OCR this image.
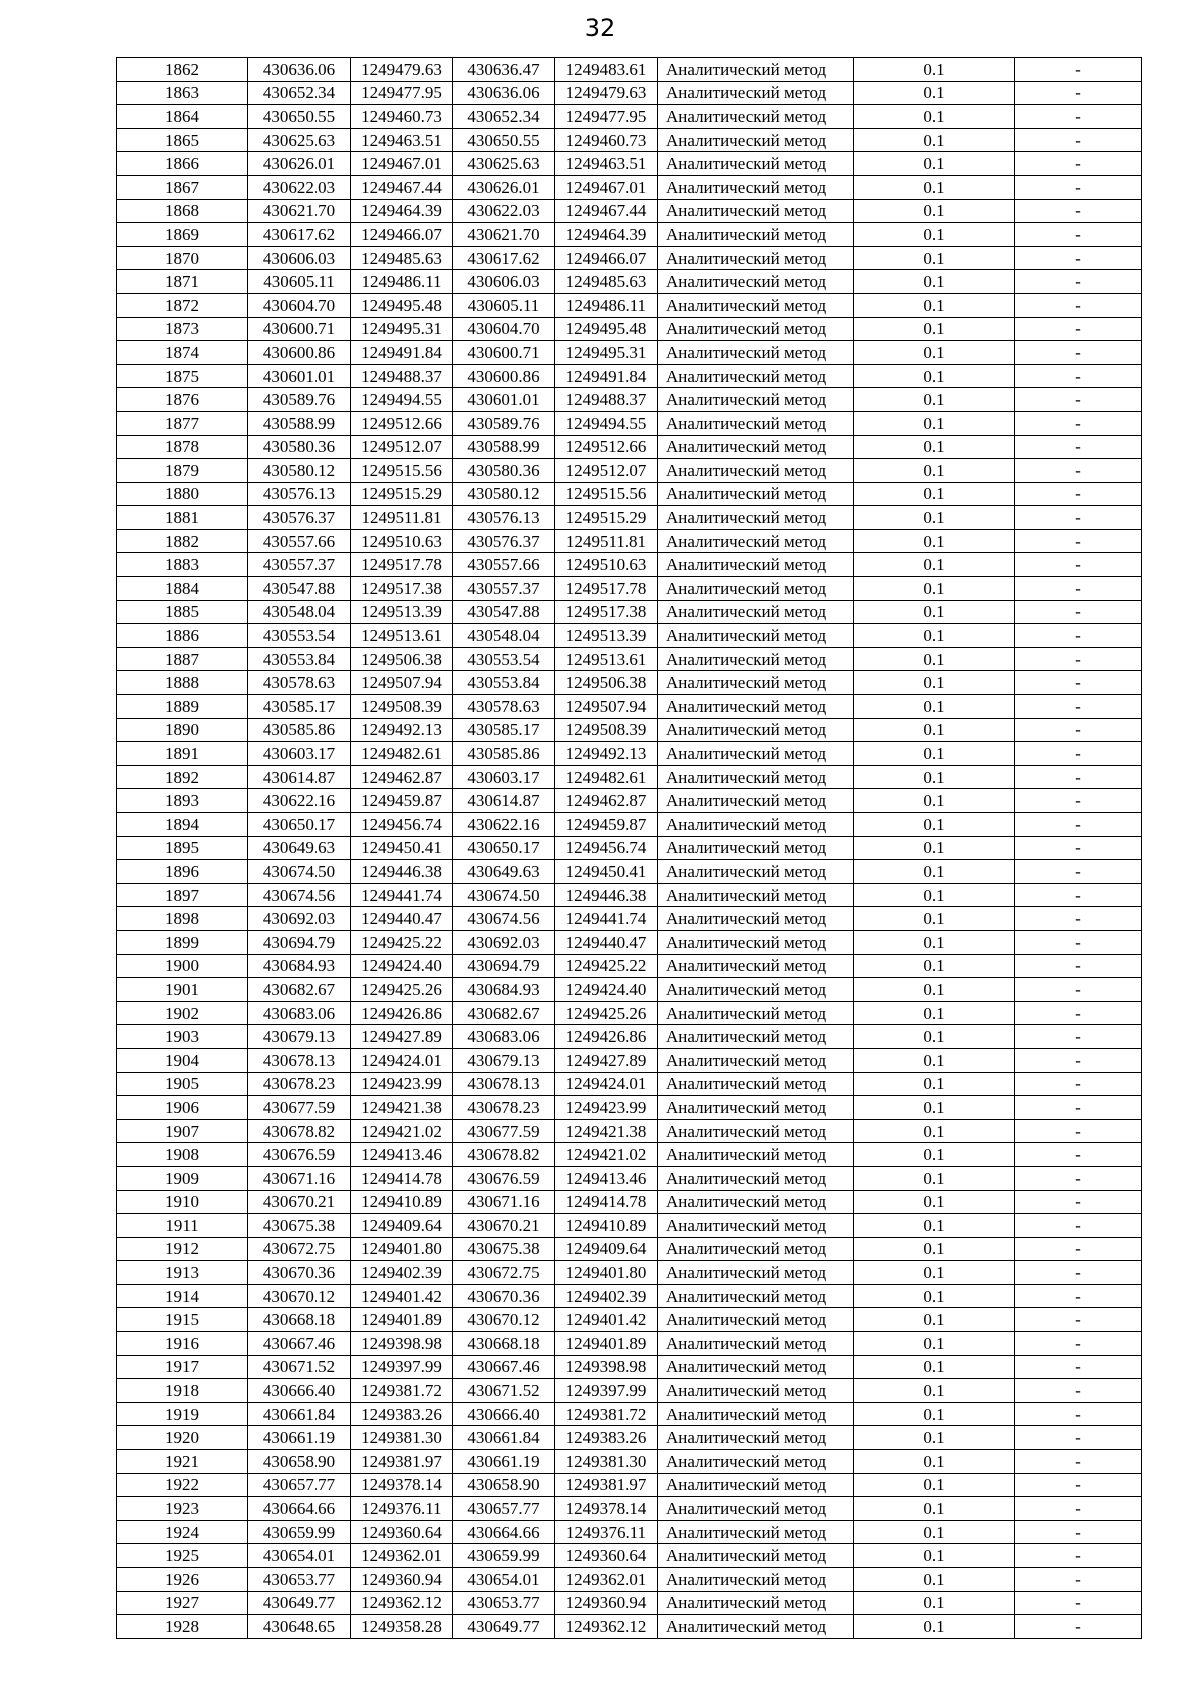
32
1862	430636.06	1249479.63	430636.47	1249483.61	Аналитический метод	0.1	-
1863	430652.34	1249477.95	430636.06	1249479.63	Аналитический метод	0.1	-
1864	430650.55	1249460.73	430652.34	1249477.95	Аналитический метод	0.1	-
1865	430625.63	1249463.51	430650.55	1249460.73	Аналитический метод	0.1	-
1866	430626.01	1249467.01	430625.63	1249463.51	Аналитический метод	0.1	-
1867	430622.03	1249467.44	430626.01	1249467.01	Аналитический метод	0.1	-
1868	430621.70	1249464.39	430622.03	1249467.44	Аналитический метод	0.1	-
1869	430617.62	1249466.07	430621.70	1249464.39	Аналитический метод	0.1	-
1870	430606.03	1249485.63	430617.62	1249466.07	Аналитический метод	0.1	-
1871	430605.11	1249486.11	430606.03	1249485.63	Аналитический метод	0.1	-
1872	430604.70	1249495.48	430605.11	1249486.11	Аналитический метод	0.1	-
1873	430600.71	1249495.31	430604.70	1249495.48	Аналитический метод	0.1	-
1874	430600.86	1249491.84	430600.71	1249495.31	Аналитический метод	0.1	-
1875	430601.01	1249488.37	430600.86	1249491.84	Аналитический метод	0.1	-
1876	430589.76	1249494.55	430601.01	1249488.37	Аналитический метод	0.1	-
1877	430588.99	1249512.66	430589.76	1249494.55	Аналитический метод	0.1	-
1878	430580.36	1249512.07	430588.99	1249512.66	Аналитический метод	0.1	-
1879	430580.12	1249515.56	430580.36	1249512.07	Аналитический метод	0.1	-
1880	430576.13	1249515.29	430580.12	1249515.56	Аналитический метод	0.1	-
1881	430576.37	1249511.81	430576.13	1249515.29	Аналитический метод	0.1	-
1882	430557.66	1249510.63	430576.37	1249511.81	Аналитический метод	0.1	-
1883	430557.37	1249517.78	430557.66	1249510.63	Аналитический метод	0.1	-
1884	430547.88	1249517.38	430557.37	1249517.78	Аналитический метод	0.1	-
1885	430548.04	1249513.39	430547.88	1249517.38	Аналитический метод	0.1	-
1886	430553.54	1249513.61	430548.04	1249513.39	Аналитический метод	0.1	-
1887	430553.84	1249506.38	430553.54	1249513.61	Аналитический метод	0.1	-
1888	430578.63	1249507.94	430553.84	1249506.38	Аналитический метод	0.1	-
1889	430585.17	1249508.39	430578.63	1249507.94	Аналитический метод	0.1	-
1890	430585.86	1249492.13	430585.17	1249508.39	Аналитический метод	0.1	-
1891	430603.17	1249482.61	430585.86	1249492.13	Аналитический метод	0.1	-
1892	430614.87	1249462.87	430603.17	1249482.61	Аналитический метод	0.1	-
1893	430622.16	1249459.87	430614.87	1249462.87	Аналитический метод	0.1	-
1894	430650.17	1249456.74	430622.16	1249459.87	Аналитический метод	0.1	-
1895	430649.63	1249450.41	430650.17	1249456.74	Аналитический метод	0.1	-
1896	430674.50	1249446.38	430649.63	1249450.41	Аналитический метод	0.1	-
1897	430674.56	1249441.74	430674.50	1249446.38	Аналитический метод	0.1	-
1898	430692.03	1249440.47	430674.56	1249441.74	Аналитический метод	0.1	-
1899	430694.79	1249425.22	430692.03	1249440.47	Аналитический метод	0.1	-
1900	430684.93	1249424.40	430694.79	1249425.22	Аналитический метод	0.1	-
1901	430682.67	1249425.26	430684.93	1249424.40	Аналитический метод	0.1	-
1902	430683.06	1249426.86	430682.67	1249425.26	Аналитический метод	0.1	-
1903	430679.13	1249427.89	430683.06	1249426.86	Аналитический метод	0.1	-
1904	430678.13	1249424.01	430679.13	1249427.89	Аналитический метод	0.1	-
1905	430678.23	1249423.99	430678.13	1249424.01	Аналитический метод	0.1	-
1906	430677.59	1249421.38	430678.23	1249423.99	Аналитический метод	0.1	-
1907	430678.82	1249421.02	430677.59	1249421.38	Аналитический метод	0.1	-
1908	430676.59	1249413.46	430678.82	1249421.02	Аналитический метод	0.1	-
1909	430671.16	1249414.78	430676.59	1249413.46	Аналитический метод	0.1	-
1910	430670.21	1249410.89	430671.16	1249414.78	Аналитический метод	0.1	-
1911	430675.38	1249409.64	430670.21	1249410.89	Аналитический метод	0.1	-
1912	430672.75	1249401.80	430675.38	1249409.64	Аналитический метод	0.1	-
1913	430670.36	1249402.39	430672.75	1249401.80	Аналитический метод	0.1	-
1914	430670.12	1249401.42	430670.36	1249402.39	Аналитический метод	0.1	-
1915	430668.18	1249401.89	430670.12	1249401.42	Аналитический метод	0.1	-
1916	430667.46	1249398.98	430668.18	1249401.89	Аналитический метод	0.1	-
1917	430671.52	1249397.99	430667.46	1249398.98	Аналитический метод	0.1	-
1918	430666.40	1249381.72	430671.52	1249397.99	Аналитический метод	0.1	-
1919	430661.84	1249383.26	430666.40	1249381.72	Аналитический метод	0.1	-
1920	430661.19	1249381.30	430661.84	1249383.26	Аналитический метод	0.1	-
1921	430658.90	1249381.97	430661.19	1249381.30	Аналитический метод	0.1	-
1922	430657.77	1249378.14	430658.90	1249381.97	Аналитический метод	0.1	-
1923	430664.66	1249376.11	430657.77	1249378.14	Аналитический метод	0.1	-
1924	430659.99	1249360.64	430664.66	1249376.11	Аналитический метод	0.1	-
1925	430654.01	1249362.01	430659.99	1249360.64	Аналитический метод	0.1	-
1926	430653.77	1249360.94	430654.01	1249362.01	Аналитический метод	0.1	-
1927	430649.77	1249362.12	430653.77	1249360.94	Аналитический метод	0.1	-
1928	430648.65	1249358.28	430649.77	1249362.12	Аналитический метод	0.1	-
